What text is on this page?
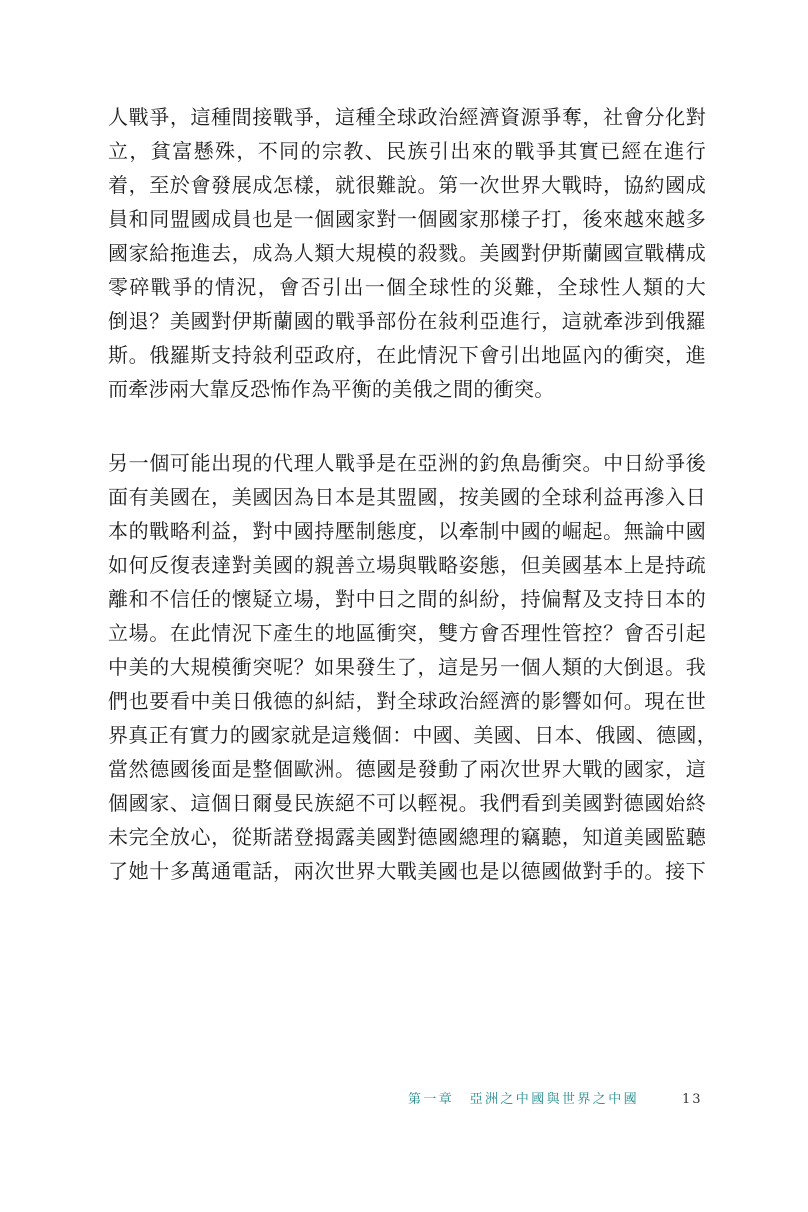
人戰爭，這種間接戰爭，這種全球政治經濟資源爭奪，社會分化對
立，貧富懸殊，不同的宗教、民族引出來的戰爭其實已經在進行
着，至於會發展成怎樣，就很難說。第一次世界大戰時，協約國成
員和同盟國成員也是一個國家對一個國家那樣子打，後來越來越多
國家給拖進去，成為人類大規模的殺戮。美國對伊斯蘭國宣戰構成
零碎戰爭的情況，會否引出一個全球性的災難，全球性人類的大
倒退？美國對伊斯蘭國的戰爭部份在敍利亞進行，這就牽涉到俄羅
斯。俄羅斯支持敍利亞政府，在此情況下會引出地區內的衝突，進
而牽涉兩大靠反恐怖作為平衡的美俄之間的衝突。
另一個可能出現的代理人戰爭是在亞洲的釣魚島衝突。中日紛爭後
面有美國在，美國因為日本是其盟國，按美國的全球利益再滲入日
本的戰略利益，對中國持壓制態度，以牽制中國的崛起。無論中國
如何反復表達對美國的親善立場與戰略姿態，但美國基本上是持疏
離和不信任的懷疑立場，對中日之間的糾紛，持偏幫及支持日本的
立場。在此情況下產生的地區衝突，雙方會否理性管控？會否引起
中美的大規模衝突呢？如果發生了，這是另一個人類的大倒退。我
們也要看中美日俄德的糾結，對全球政治經濟的影響如何。現在世
界真正有實力的國家就是這幾個：中國、美國、日本、俄國、德國，
當然德國後面是整個歐洲。德國是發動了兩次世界大戰的國家，這
個國家、這個日爾曼民族絕不可以輕視。我們看到美國對德國始終
未完全放心，從斯諾登揭露美國對德國總理的竊聽，知道美國監聽
了她十多萬通電話，兩次世界大戰美國也是以德國做對手的。接下
第一章　亞洲之中國與世界之中國	13
